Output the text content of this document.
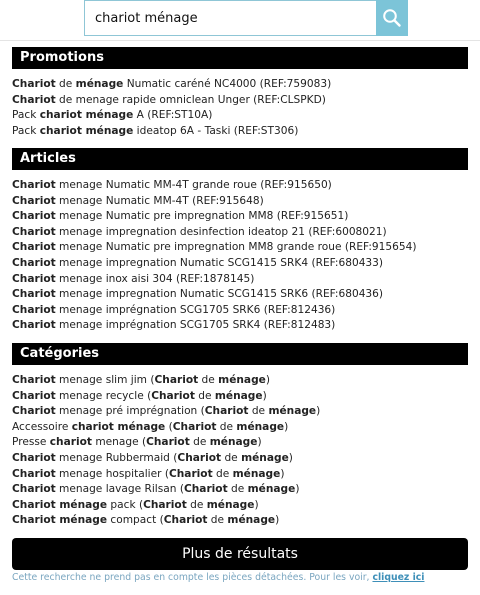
chariot ménage
Promotions
Chariot de ménage Numatic caréné NC4000 (REF:759083)
Chariot de menage rapide omniclean Unger (REF:CLSPKD)
Pack chariot ménage A (REF:ST10A)
Pack chariot ménage ideatop 6A - Taski (REF:ST306)
Articles
Chariot menage Numatic MM-4T grande roue (REF:915650)
Chariot menage Numatic MM-4T (REF:915648)
Chariot menage Numatic pre impregnation MM8 (REF:915651)
Chariot menage impregnation desinfection ideatop 21 (REF:6008021)
Chariot menage Numatic pre impregnation MM8 grande roue (REF:915654)
Chariot menage impregnation Numatic SCG1415 SRK4 (REF:680433)
Chariot menage inox aisi 304 (REF:1878145)
Chariot menage impregnation Numatic SCG1415 SRK6 (REF:680436)
Chariot menage imprégnation SCG1705 SRK6 (REF:812436)
Chariot menage imprégnation SCG1705 SRK4 (REF:812483)
Catégories
Chariot menage slim jim (Chariot de ménage)
Chariot menage recycle (Chariot de ménage)
Chariot menage pré imprégnation (Chariot de ménage)
Accessoire chariot ménage (Chariot de ménage)
Presse chariot menage (Chariot de ménage)
Chariot menage Rubbermaid (Chariot de ménage)
Chariot menage hospitalier (Chariot de ménage)
Chariot menage lavage Rilsan (Chariot de ménage)
Chariot ménage pack (Chariot de ménage)
Chariot ménage compact (Chariot de ménage)
Plus de résultats
Cette recherche ne prend pas en compte les pièces détachées. Pour les voir, cliquez ici
